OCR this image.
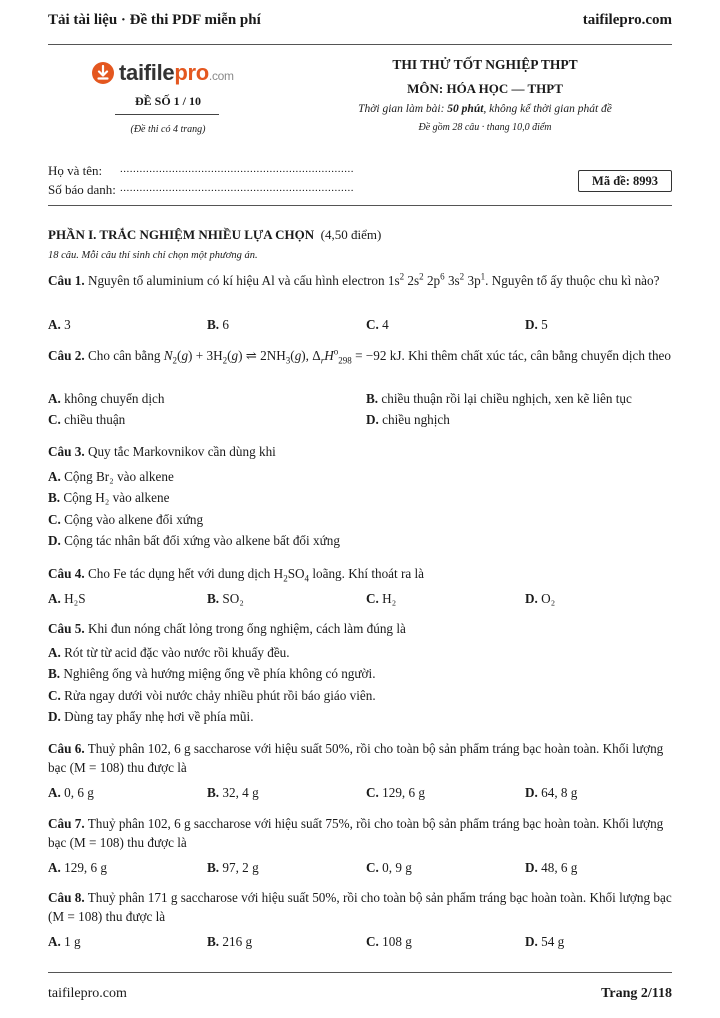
Tải tài liệu · Đề thi PDF miễn phí	taifilepro.com
taifilepro.com
ĐỀ SỐ 1 / 10
(Đề thi có 4 trang)
THI THỬ TỐT NGHIỆP THPT
MÔN: HÓA HỌC — THPT
Thời gian làm bài: 50 phút, không kể thời gian phát đề
Đề gồm 28 câu · thang 10,0 điểm
Họ và tên:	........................................................................
Số báo danh: ........................................................................	Mã đề: 8993
PHẦN I. TRẮC NGHIỆM NHIỀU LỰA CHỌN (4,50 điểm)
18 câu. Mỗi câu thí sinh chỉ chọn một phương án.
Câu 1. Nguyên tố aluminium có kí hiệu Al và cấu hình electron $1s^2$ $2s^2$ $2p^6$ $3s^2$ $3p^1$. Nguyên tố ấy thuộc chu kì nào?
A. 3	B. 6	C. 4	D. 5
Câu 2. Cho cân bằng $N_2(g) + 3H_2(g)$ ⇌ $2NH_3(g)$, $\Delta_rH^o_{298} = -92$ kJ. Khi thêm chất xúc tác, cân bằng chuyển dịch theo
A. không chuyển dịch	B. chiều thuận rồi lại chiều nghịch, xen kẽ liên tục
C. chiều thuận	D. chiều nghịch
Câu 3. Quy tắc Markovnikov cần dùng khi
A. Cộng Br₂ vào alkene
B. Cộng H₂ vào alkene
C. Cộng vào alkene đối xứng
D. Cộng tác nhân bất đối xứng vào alkene bất đối xứng
Câu 4. Cho Fe tác dụng hết với dung dịch $H_2SO_4$ loãng. Khí thoát ra là
A. H₂S	B. SO₂	C. H₂	D. O₂
Câu 5. Khi đun nóng chất lỏng trong ống nghiệm, cách làm đúng là
A. Rót từ từ acid đặc vào nước rồi khuấy đều.
B. Nghiêng ống và hướng miệng ống về phía không có người.
C. Rửa ngay dưới vòi nước chảy nhiều phút rồi báo giáo viên.
D. Dùng tay phẩy nhẹ hơi về phía mũi.
Câu 6. Thuỷ phân 102, 6 g saccharose với hiệu suất 50%, rồi cho toàn bộ sản phẩm tráng bạc hoàn toàn. Khối lượng bạc (M = 108) thu được là
A. 0, 6 g	B. 32, 4 g	C. 129, 6 g	D. 64, 8 g
Câu 7. Thuỷ phân 102, 6 g saccharose với hiệu suất 75%, rồi cho toàn bộ sản phẩm tráng bạc hoàn toàn. Khối lượng bạc (M = 108) thu được là
A. 129, 6 g	B. 97, 2 g	C. 0, 9 g	D. 48, 6 g
Câu 8. Thuỷ phân 171 g saccharose với hiệu suất 50%, rồi cho toàn bộ sản phẩm tráng bạc hoàn toàn. Khối lượng bạc (M = 108) thu được là
A. 1 g	B. 216 g	C. 108 g	D. 54 g
taifilepro.com	Trang 2/118
